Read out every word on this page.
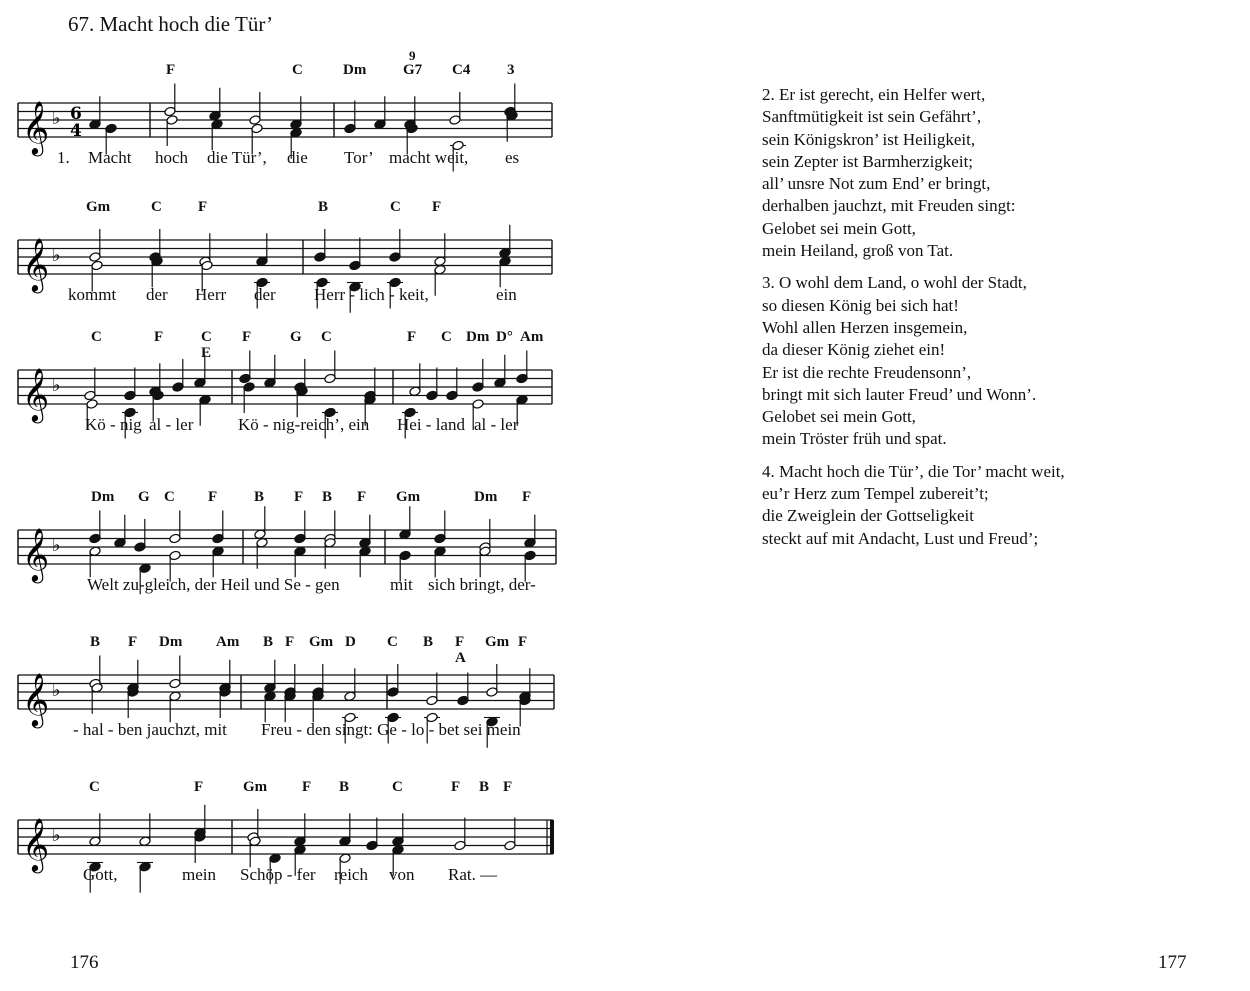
67. Macht hoch die Tür’
𝄞 ♭ 6
4
F	C	Dm G7
9
C4 3
1. Macht hoch die Tür’, die Tor’ macht weit, es
𝄞 ♭
Gm	C F	B	C F
kommt der Herr der Herr - lich - keit,	ein
𝄞 ♭
C	F	C
E
F	G C	F C Dm D° Am
Kö - nig al - ler	Kö - nig-reich’, ein Hei - land al - ler
𝄞 ♭
Dm G C F B F B F Gm	Dm F
Welt zu-gleich, der Heil und Se - gen	mit sich bringt, der-
𝄞 ♭
B F Dm Am B F Gm D C B F
A
Gm F
- hal - ben jauchzt, mit Freu - den singt: Ge - lo - bet sei mein
𝄞 ♭
C	F	Gm F B	C	F B F
Gott,	mein Schöp - fer reich von Rat. —
2. Er ist gerecht, ein Helfer wert,
Sanftmütigkeit ist sein Gefährt’,
sein Königskron’ ist Heiligkeit,
sein Zepter ist Barmherzigkeit;
all’ unsre Not zum End’ er bringt,
derhalben jauchzt, mit Freuden singt:
Gelobet sei mein Gott,
mein Heiland, groß von Tat.
3. O wohl dem Land, o wohl der Stadt,
so diesen König bei sich hat!
Wohl allen Herzen insgemein,
da dieser König ziehet ein!
Er ist die rechte Freudensonn’,
bringt mit sich lauter Freud’ und Wonn’.
Gelobet sei mein Gott,
mein Tröster früh und spat.
4. Macht hoch die Tür’, die Tor’ macht weit,
eu’r Herz zum Tempel zubereit’t;
die Zweiglein der Gottseligkeit
steckt auf mit Andacht, Lust und Freud’;
176	177
